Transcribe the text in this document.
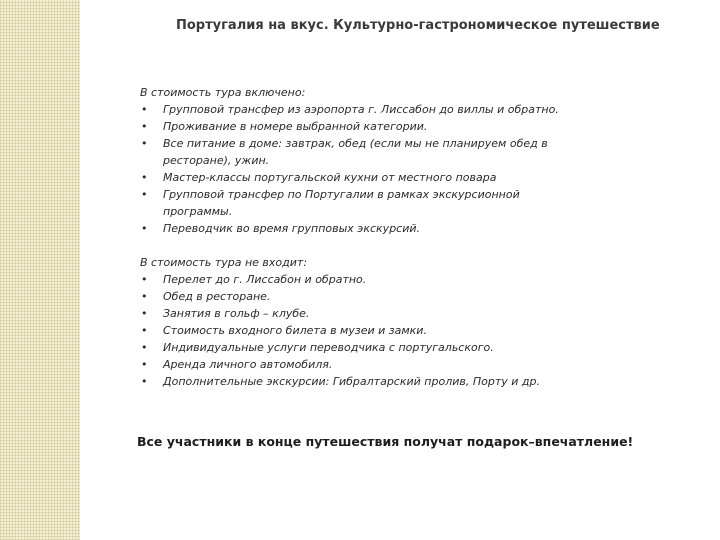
Португалия на вкус. Культурно-гастрономическое путешествие

В стоимость тура включено:

• Групповой трансфер из аэропорта г. Лиссабон до виллы и обратно.
• Проживание в номере выбранной категории.
• Все питание в доме: завтрак, обед (если мы не планируем обед в ресторане), ужин.
• Мастер-классы португальской кухни от местного повара
• Групповой трансфер по Португалии в рамках экскурсионной программы.
• Переводчик во время групповых экскурсий.

В стоимость тура не входит:

• Перелет до г. Лиссабон и обратно.
• Обед в ресторане.
• Занятия в гольф – клубе.
• Стоимость входного билета в музеи и замки.
• Индивидуальные услуги переводчика с португальского.
• Аренда личного автомобиля.
• Дополнительные экскурсии: Гибралтарский пролив, Порту и др.
Все участники в конце путешествия получат подарок–впечатление!
